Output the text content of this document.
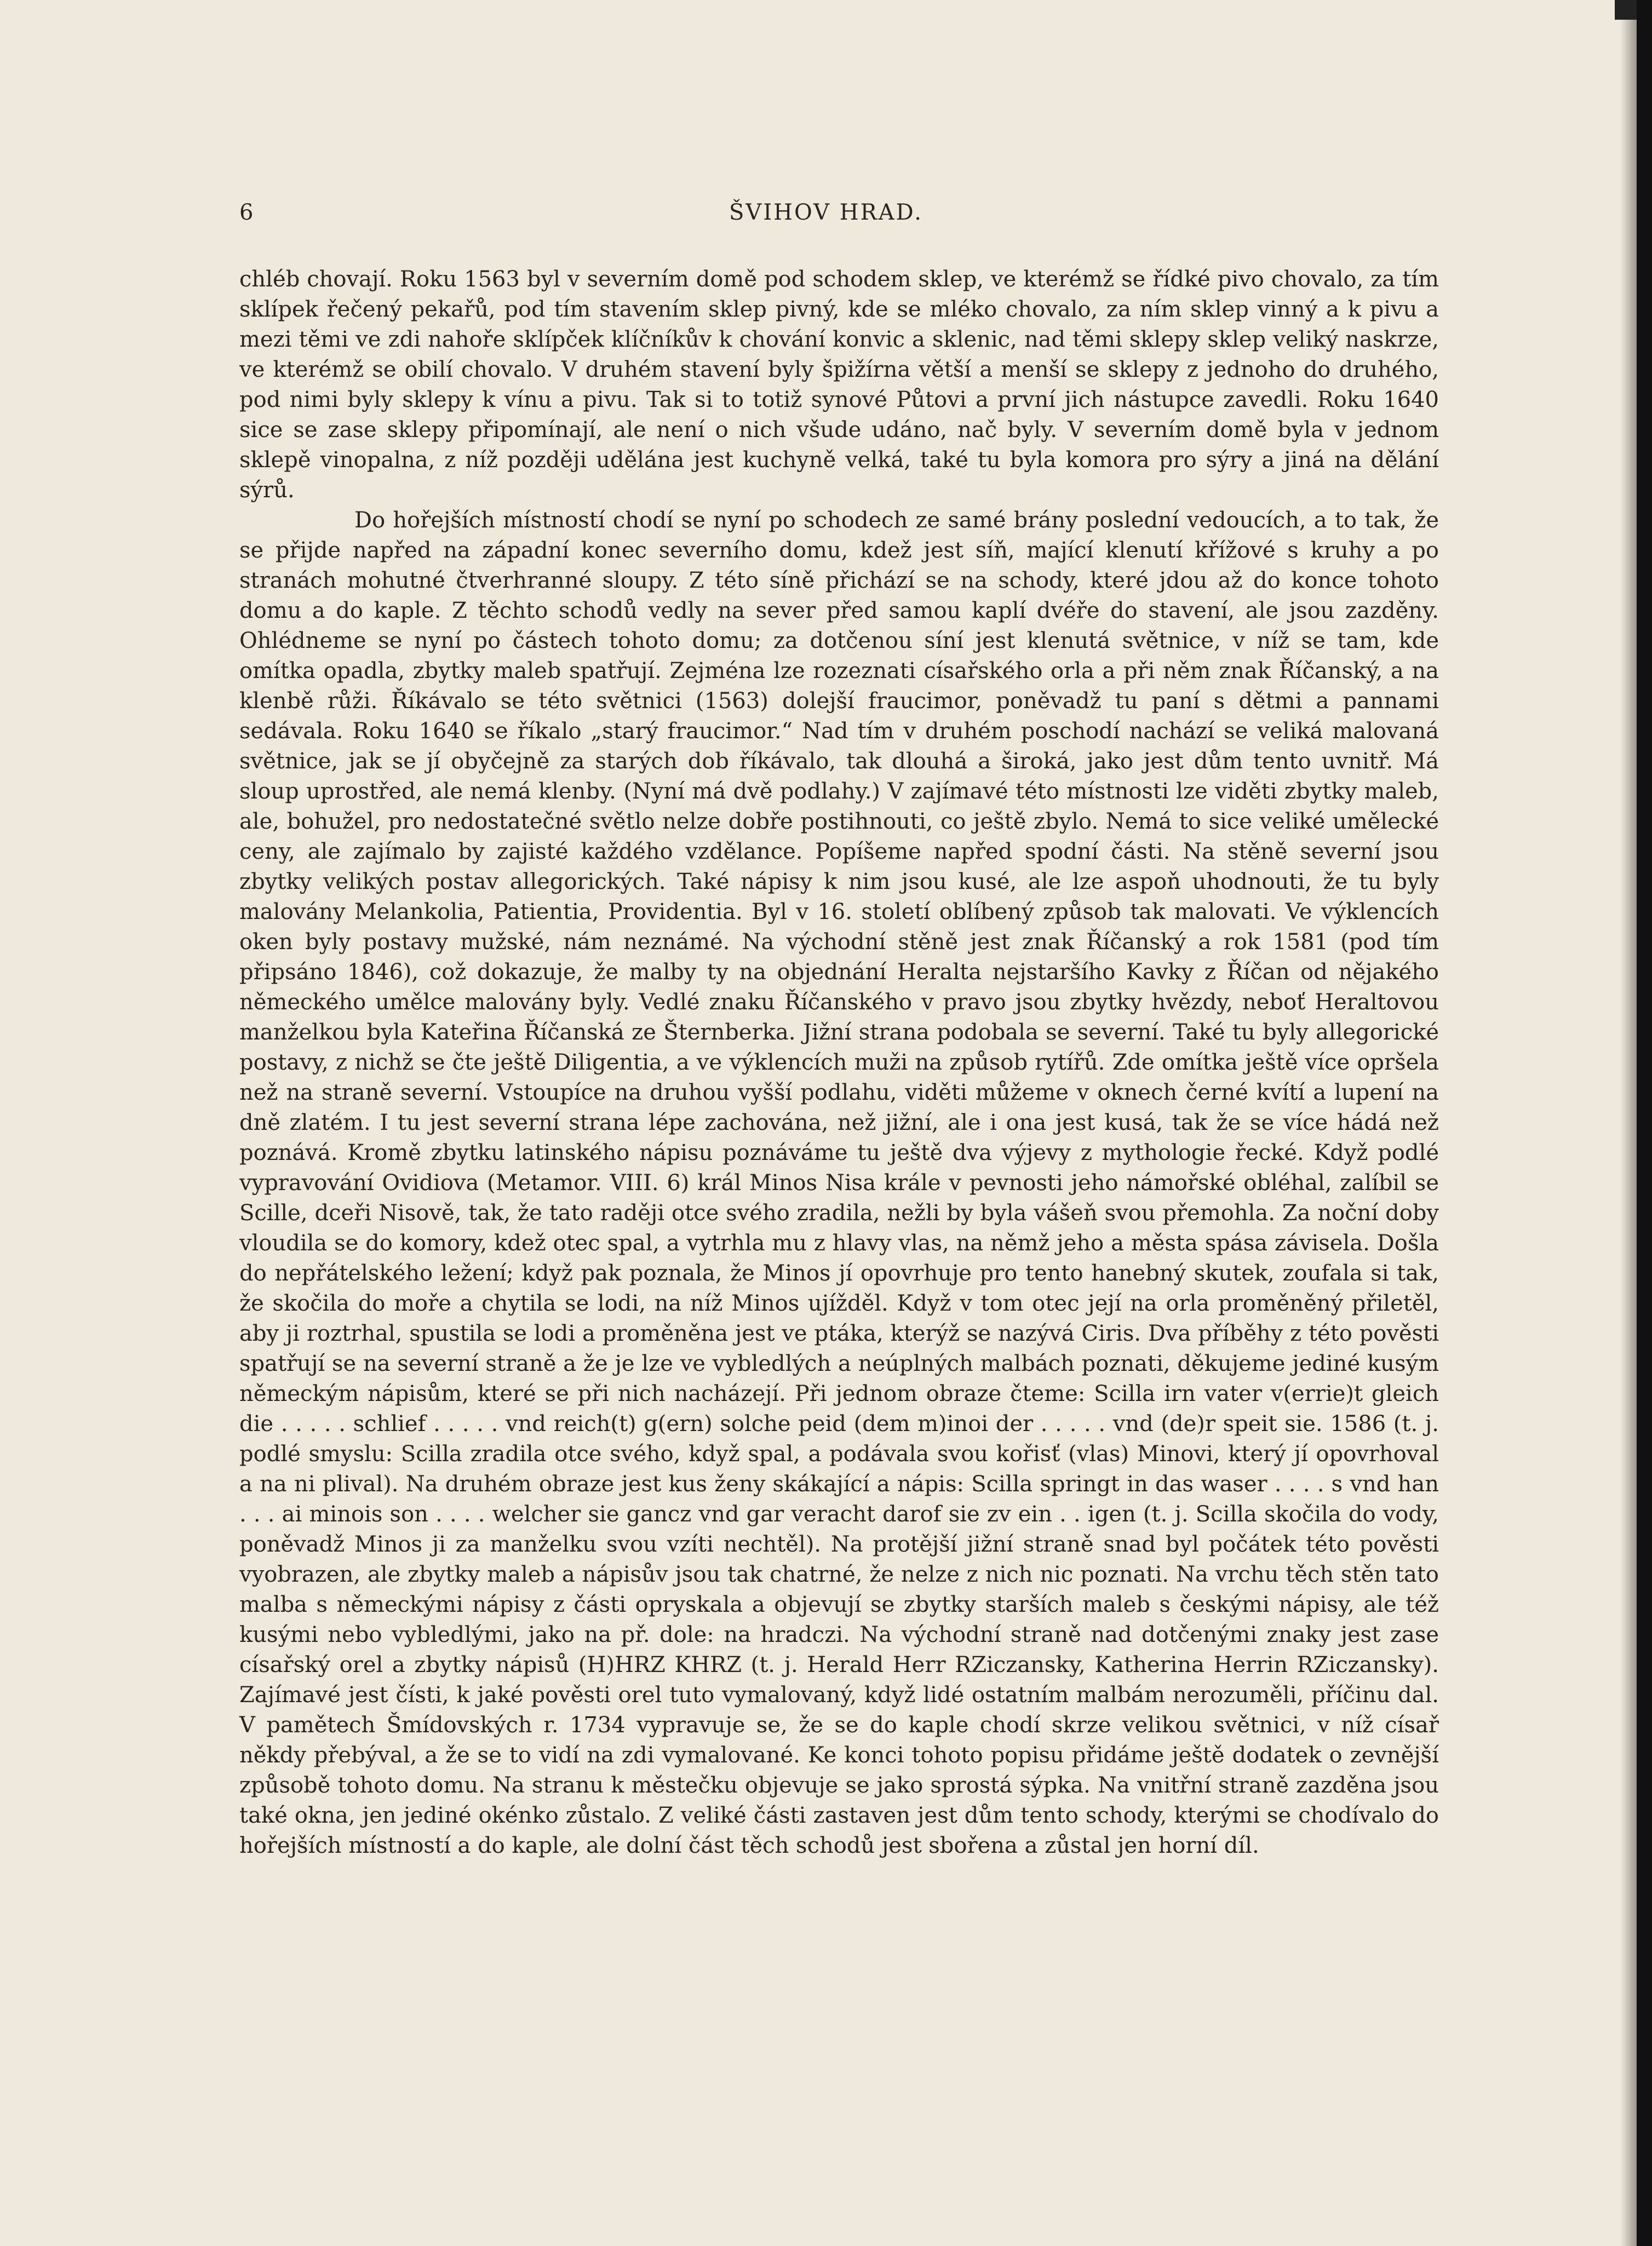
6	ŠVIHOV HRAD.

chléb chovají. Roku 1563 byl v severním domě pod schodem sklep, ve kterémž se řídké pivo chovalo, za tím sklípek řečený pekařů, pod tím stavením sklep pivný, kde se mléko chovalo, za ním sklep vinný a k pivu a mezi těmi ve zdi nahoře sklípček klíčníkův k chování konvic a sklenic, nad těmi sklepy sklep veliký naskrze, ve kterémž se obilí chovalo. V druhém stavení byly špižírna větší a menší se sklepy z jednoho do druhého, pod nimi byly sklepy k vínu a pivu. Tak si to totiž synové Půtovi a první jich nástupce zavedli. Roku 1640 sice se zase sklepy připomínají, ale není o nich všude udáno, nač byly. V severním domě byla v jednom sklepě vinopalna, z níž později udělána jest kuchyně velká, také tu byla komora pro sýry a jiná na dělání sýrů.

Do hořejších místností chodí se nyní po schodech ze samé brány poslední vedoucích, a to tak, že se přijde napřed na západní konec severního domu, kdež jest síň, mající klenutí křížové s kruhy a po stranách mohutné čtverhranné sloupy. Z této síně přichází se na schody, které jdou až do konce tohoto domu a do kaple. Z těchto schodů vedly na sever před samou kaplí dvéře do stavení, ale jsou zazděny. Ohlédneme se nyní po částech tohoto domu; za dotčenou síní jest klenutá světnice, v níž se tam, kde omítka opadla, zbytky maleb spatřují. Zejména lze rozeznati císařského orla a při něm znak Říčanský, a na klenbě růži. Říkávalo se této světnici (1563) dolejší fraucimor, poněvadž tu paní s dětmi a pannami sedávala. Roku 1640 se říkalo „starý fraucimor.“ Nad tím v druhém poschodí nachází se veliká malovaná světnice, jak se jí obyčejně za starých dob říkávalo, tak dlouhá a široká, jako jest dům tento uvnitř. Má sloup uprostřed, ale nemá klenby. (Nyní má dvě podlahy.) V zajímavé této místnosti lze viděti zbytky maleb, ale, bohužel, pro nedostatečné světlo nelze dobře postihnouti, co ještě zbylo. Nemá to sice veliké umělecké ceny, ale zajímalo by zajisté každého vzdělance. Popíšeme napřed spodní části. Na stěně severní jsou zbytky velikých postav allegorických. Také nápisy k nim jsou kusé, ale lze aspoň uhodnouti, že tu byly malovány Melankolia, Patientia, Providentia. Byl v 16. století oblíbený způsob tak malovati. Ve výklencích oken byly postavy mužské, nám neznámé. Na východní stěně jest znak Říčanský a rok 1581 (pod tím připsáno 1846), což dokazuje, že malby ty na objednání Heralta nejstaršího Kavky z Říčan od nějakého německého umělce malovány byly. Vedlé znaku Říčanského v pravo jsou zbytky hvězdy, neboť Heraltovou manželkou byla Kateřina Říčanská ze Šternberka. Jižní strana podobala se severní. Také tu byly allegorické postavy, z nichž se čte ještě Diligentia, a ve výklencích muži na způsob rytířů. Zde omítka ještě více opršela než na straně severní. Vstoupíce na druhou vyšší podlahu, viděti můžeme v oknech černé kvítí a lupení na dně zlatém. I tu jest severní strana lépe zachována, než jižní, ale i ona jest kusá, tak že se více hádá než poznává. Kromě zbytku latinského nápisu poznáváme tu ještě dva výjevy z mythologie řecké. Když podlé vypravování Ovidiova (Metamor. VIII. 6) král Minos Nisa krále v pevnosti jeho námořské obléhal, zalíbil se Scille, dceři Nisově, tak, že tato raději otce svého zradila, nežli by byla vášeň svou přemohla. Za noční doby vloudila se do komory, kdež otec spal, a vytrhla mu z hlavy vlas, na němž jeho a města spása závisela. Došla do nepřátelského ležení; když pak poznala, že Minos jí opovrhuje pro tento hanebný skutek, zoufala si tak, že skočila do moře a chytila se lodi, na níž Minos ujížděl. Když v tom otec její na orla proměněný přiletěl, aby ji roztrhal, spustila se lodi a proměněna jest ve ptáka, kterýž se nazývá Ciris. Dva příběhy z této pověsti spatřují se na severní straně a že je lze ve vybledlých a neúplných malbách poznati, děkujeme jediné kusým německým nápisům, které se při nich nacházejí. Při jednom obraze čteme: Scilla irn vater v(errie)t gleich die . . . . . schlief . . . . . vnd reich(t) g(ern) solche peid (dem m)inoi der . . . . . vnd (de)r speit sie. 1586 (t. j. podlé smyslu: Scilla zradila otce svého, když spal, a podávala svou kořisť (vlas) Minovi, který jí opovrhoval a na ni plival). Na druhém obraze jest kus ženy skákající a nápis: Scilla springt in das waser . . . . s vnd han . . . ai minois son . . . . welcher sie gancz vnd gar veracht darof sie zv ein . . igen (t. j. Scilla skočila do vody, poněvadž Minos ji za manželku svou vzíti nechtěl). Na protější jižní straně snad byl počátek této pověsti vyobrazen, ale zbytky maleb a nápisův jsou tak chatrné, že nelze z nich nic poznati. Na vrchu těch stěn tato malba s německými nápisy z části opryskala a objevují se zbytky starších maleb s českými nápisy, ale též kusými nebo vybledlými, jako na př. dole: na hradczi. Na východní straně nad dotčenými znaky jest zase císařský orel a zbytky nápisů (H)HRZ KHRZ (t. j. Herald Herr RZiczansky, Katherina Herrin RZiczansky). Zajímavé jest čísti, k jaké pověsti orel tuto vymalovaný, když lidé ostatním malbám nerozuměli, příčinu dal. V pamětech Šmídovských r. 1734 vypravuje se, že se do kaple chodí skrze velikou světnici, v níž císař někdy přebýval, a že se to vidí na zdi vymalované. Ke konci tohoto popisu přidáme ještě dodatek o zevnější způsobě tohoto domu. Na stranu k městečku objevuje se jako sprostá sýpka. Na vnitřní straně zazděna jsou také okna, jen jediné okénko zůstalo. Z veliké části zastaven jest dům tento schody, kterými se chodívalo do hořejších místností a do kaple, ale dolní část těch schodů jest sbořena a zůstal jen horní díl.
